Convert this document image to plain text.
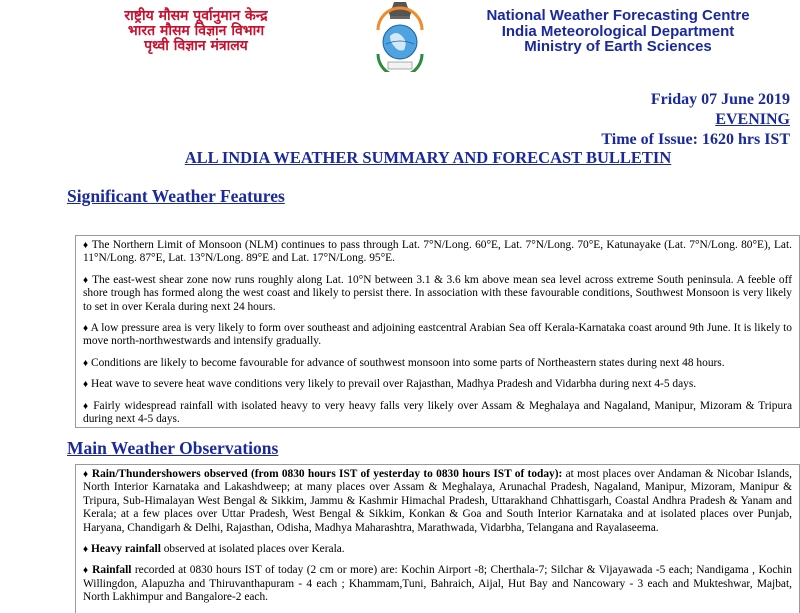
राष्ट्रीय मौसम पूर्वानुमान केन्द्र
भारत मौसम विज्ञान विभाग
पृथ्वी विज्ञान मंत्रालय
National Weather Forecasting Centre
India Meteorological Department
Ministry of Earth Sciences
Friday 07 June 2019
EVENING
Time of Issue: 1620 hrs IST
ALL INDIA WEATHER SUMMARY AND FORECAST BULLETIN
Significant Weather Features
♦ The Northern Limit of Monsoon (NLM) continues to pass through Lat. 7°N/Long. 60°E, Lat. 7°N/Long. 70°E, Katunayake (Lat. 7°N/Long. 80°E), Lat. 11°N/Long. 87°E, Lat. 13°N/Long. 89°E and Lat. 17°N/Long. 95°E.
♦ The east-west shear zone now runs roughly along Lat. 10°N between 3.1 & 3.6 km above mean sea level across extreme South peninsula. A feeble off shore trough has formed along the west coast and likely to persist there. In association with these favourable conditions, Southwest Monsoon is very likely to set in over Kerala during next 24 hours.
♦ A low pressure area is very likely to form over southeast and adjoining eastcentral Arabian Sea off Kerala-Karnataka coast around 9th June. It is likely to move north-northwestwards and intensify gradually.
♦ Conditions are likely to become favourable for advance of southwest monsoon into some parts of Northeastern states during next 48 hours.
♦ Heat wave to severe heat wave conditions very likely to prevail over Rajasthan, Madhya Pradesh and Vidarbha during next 4-5 days.
♦ Fairly widespread rainfall with isolated heavy to very heavy falls very likely over Assam & Meghalaya and Nagaland, Manipur, Mizoram & Tripura during next 4-5 days.
Main Weather Observations
♦ Rain/Thundershowers observed (from 0830 hours IST of yesterday to 0830 hours IST of today): at most places over Andaman & Nicobar Islands, North Interior Karnataka and Lakashdweep; at many places over Assam & Meghalaya, Arunachal Pradesh, Nagaland, Manipur, Mizoram, Manipur & Tripura, Sub-Himalayan West Bengal & Sikkim, Jammu & Kashmir Himachal Pradesh, Uttarakhand Chhattisgarh, Coastal Andhra Pradesh & Yanam and Kerala; at a few places over Uttar Pradesh, West Bengal & Sikkim, Konkan & Goa and South Interior Karnataka and at isolated places over Punjab, Haryana, Chandigarh & Delhi, Rajasthan, Odisha, Madhya Maharashtra, Marathwada, Vidarbha, Telangana and Rayalaseema.
♦ Heavy rainfall observed at isolated places over Kerala.
♦ Rainfall recorded at 0830 hours IST of today (2 cm or more) are: Kochin Airport -8; Cherthala-7; Silchar & Vijayawada -5 each; Nandigama , Kochin Willingdon, Alapuzha and Thiruvanthapuram - 4 each ; Khammam,Tuni, Bahraich, Aijal, Hut Bay and Nancowary - 3 each and Mukteshwar, Majbat, North Lakhimpur and Bangalore-2 each.
